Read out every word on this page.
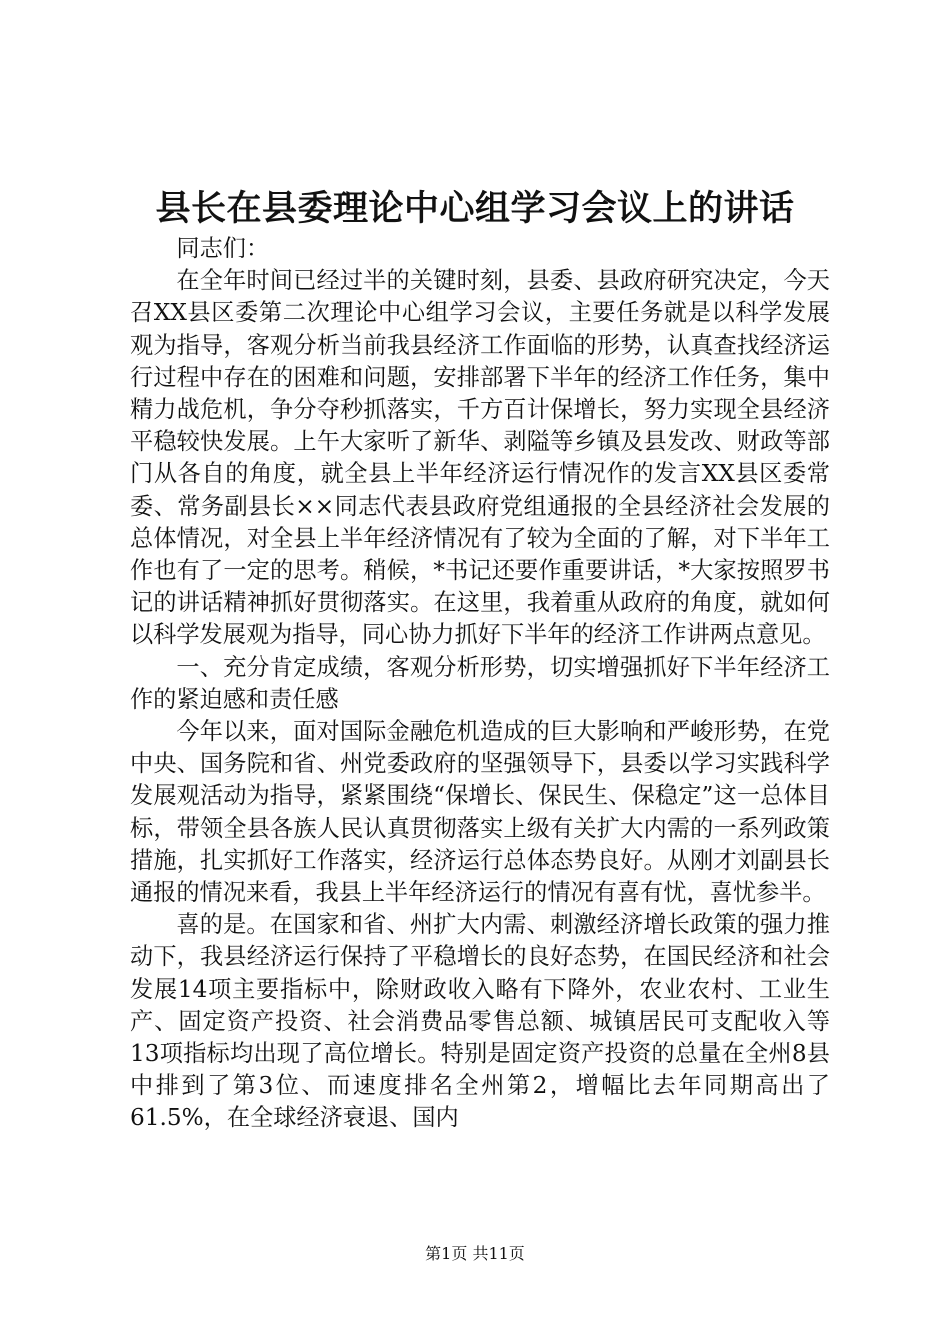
县长在县委理论中心组学习会议上的讲话

同志们：

在全年时间已经过半的关键时刻，县委、县政府研究决定，今天召XX县区委第二次理论中心组学习会议，主要任务就是以科学发展观为指导，客观分析当前我县经济工作面临的形势，认真查找经济运行过程中存在的困难和问题，安排部署下半年的经济工作任务，集中精力战危机，争分夺秒抓落实，千方百计保增长，努力实现全县经济平稳较快发展。上午大家听了新华、剥隘等乡镇及县发改、财政等部门从各自的角度，就全县上半年经济运行情况作的发言XX县区委常委、常务副县长××同志代表县政府党组通报的全县经济社会发展的总体情况，对全县上半年经济情况有了较为全面的了解，对下半年工作也有了一定的思考。稍候，*书记还要作重要讲话，*大家按照罗书记的讲话精神抓好贯彻落实。在这里，我着重从政府的角度，就如何以科学发展观为指导，同心协力抓好下半年的经济工作讲两点意见。

一、充分肯定成绩，客观分析形势，切实增强抓好下半年经济工作的紧迫感和责任感

今年以来，面对国际金融危机造成的巨大影响和严峻形势，在党中央、国务院和省、州党委政府的坚强领导下，县委以学习实践科学发展观活动为指导，紧紧围绕“保增长、保民生、保稳定”这一总体目标，带领全县各族人民认真贯彻落实上级有关扩大内需的一系列政策措施，扎实抓好工作落实，经济运行总体态势良好。从刚才刘副县长通报的情况来看，我县上半年经济运行的情况有喜有忧，喜忧参半。

喜的是。在国家和省、州扩大内需、刺激经济增长政策的强力推动下，我县经济运行保持了平稳增长的良好态势，在国民经济和社会发展14项主要指标中，除财政收入略有下降外，农业农村、工业生产、固定资产投资、社会消费品零售总额、城镇居民可支配收入等13项指标均出现了高位增长。特别是固定资产投资的总量在全州8县中排到了第3位、而速度排名全州第2，增幅比去年同期高出了61.5%，在全球经济衰退、国内

第1页 共11页
